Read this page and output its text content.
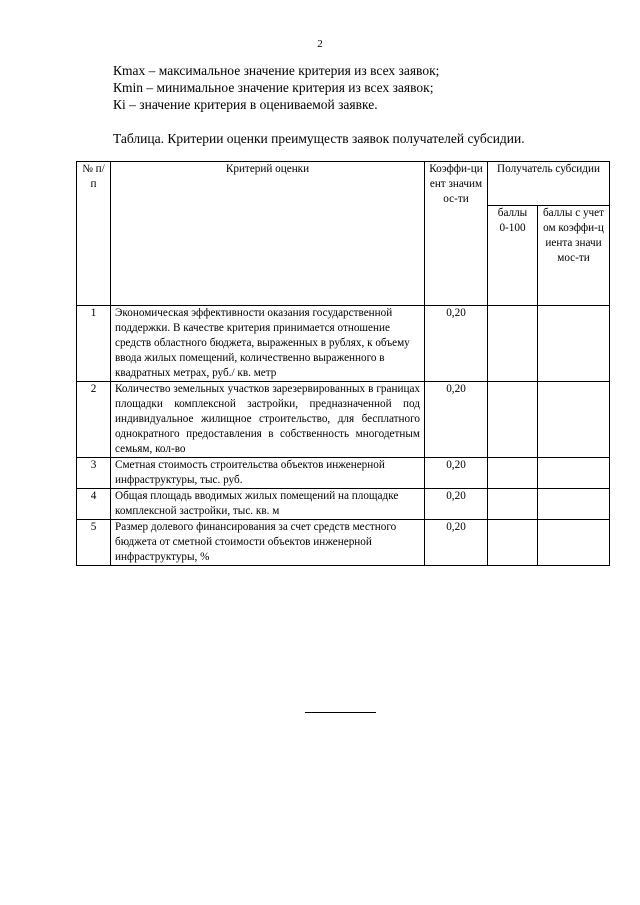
2
Кmax – максимальное значение критерия из всех заявок;
Кmin – минимальное значение критерия из всех заявок;
Кi – значение критерия в оцениваемой заявке.
Таблица. Критерии оценки преимуществ заявок получателей субсидии.
№ п/п	Критерий оценки	Коэффи-циент значимос-ти	Получатель субсидии	
			баллы 0-100	баллы с учетом коэффи-циента значимос-ти
1	Экономическая эффективности оказания государственной поддержки. В качестве критерия принимается отношение средств областного бюджета, выраженных в рублях, к объему ввода жилых помещений, количественно выраженного в квадратных метрах, руб./ кв. метр	0,20		
2	Количество земельных участков зарезервированных в границах площадки комплексной застройки, предназначенной под индивидуальное жилищное строительство, для бесплатного однократного предоставления в собственность многодетным семьям, кол-во	0,20		
3	Сметная стоимость строительства объектов инженерной инфраструктуры, тыс. руб.	0,20		
4	Общая площадь вводимых жилых помещений на площадке комплексной застройки, тыс. кв. м	0,20		
5	Размер долевого финансирования за счет средств местного бюджета от сметной стоимости объектов инженерной инфраструктуры, %	0,20		
